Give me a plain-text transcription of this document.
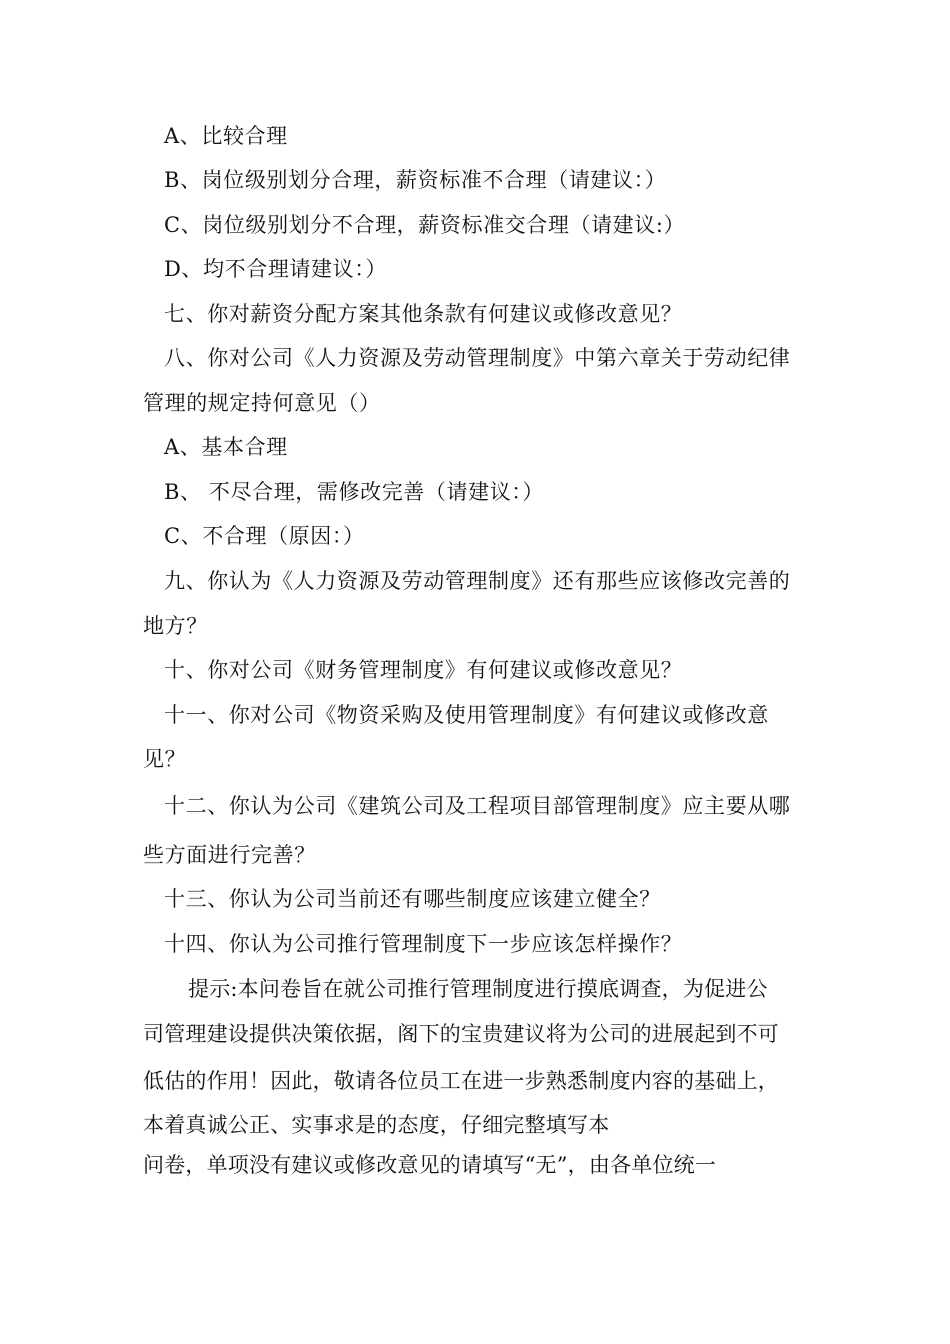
A、比较合理
B、岗位级别划分合理，薪资标准不合理（请建议：）
C、岗位级别划分不合理，薪资标准交合理（请建议:）
D、均不合理请建议：）
七、你对薪资分配方案其他条款有何建议或修改意见？
八、你对公司《人力资源及劳动管理制度》中第六章关于劳动纪律
管理的规定持何意见（）
A、基本合理
B、 不尽合理，需修改完善（请建议：）
C、不合理（原因：）
九、你认为《人力资源及劳动管理制度》还有那些应该修改完善的
地方？
十、你对公司《财务管理制度》有何建议或修改意见？
十一、你对公司《物资采购及使用管理制度》有何建议或修改意
见？
十二、你认为公司《建筑公司及工程项目部管理制度》应主要从哪
些方面进行完善？
十三、你认为公司当前还有哪些制度应该建立健全？
十四、你认为公司推行管理制度下一步应该怎样操作？
提示:本问卷旨在就公司推行管理制度进行摸底调查，为促进公
司管理建设提供决策依据，阁下的宝贵建议将为公司的进展起到不可
低估的作用！因此，敬请各位员工在进一步熟悉制度内容的基础上，
本着真诚公正、实事求是的态度，仔细完整填写本
问卷，单项没有建议或修改意见的请填写“无”，由各单位统一
